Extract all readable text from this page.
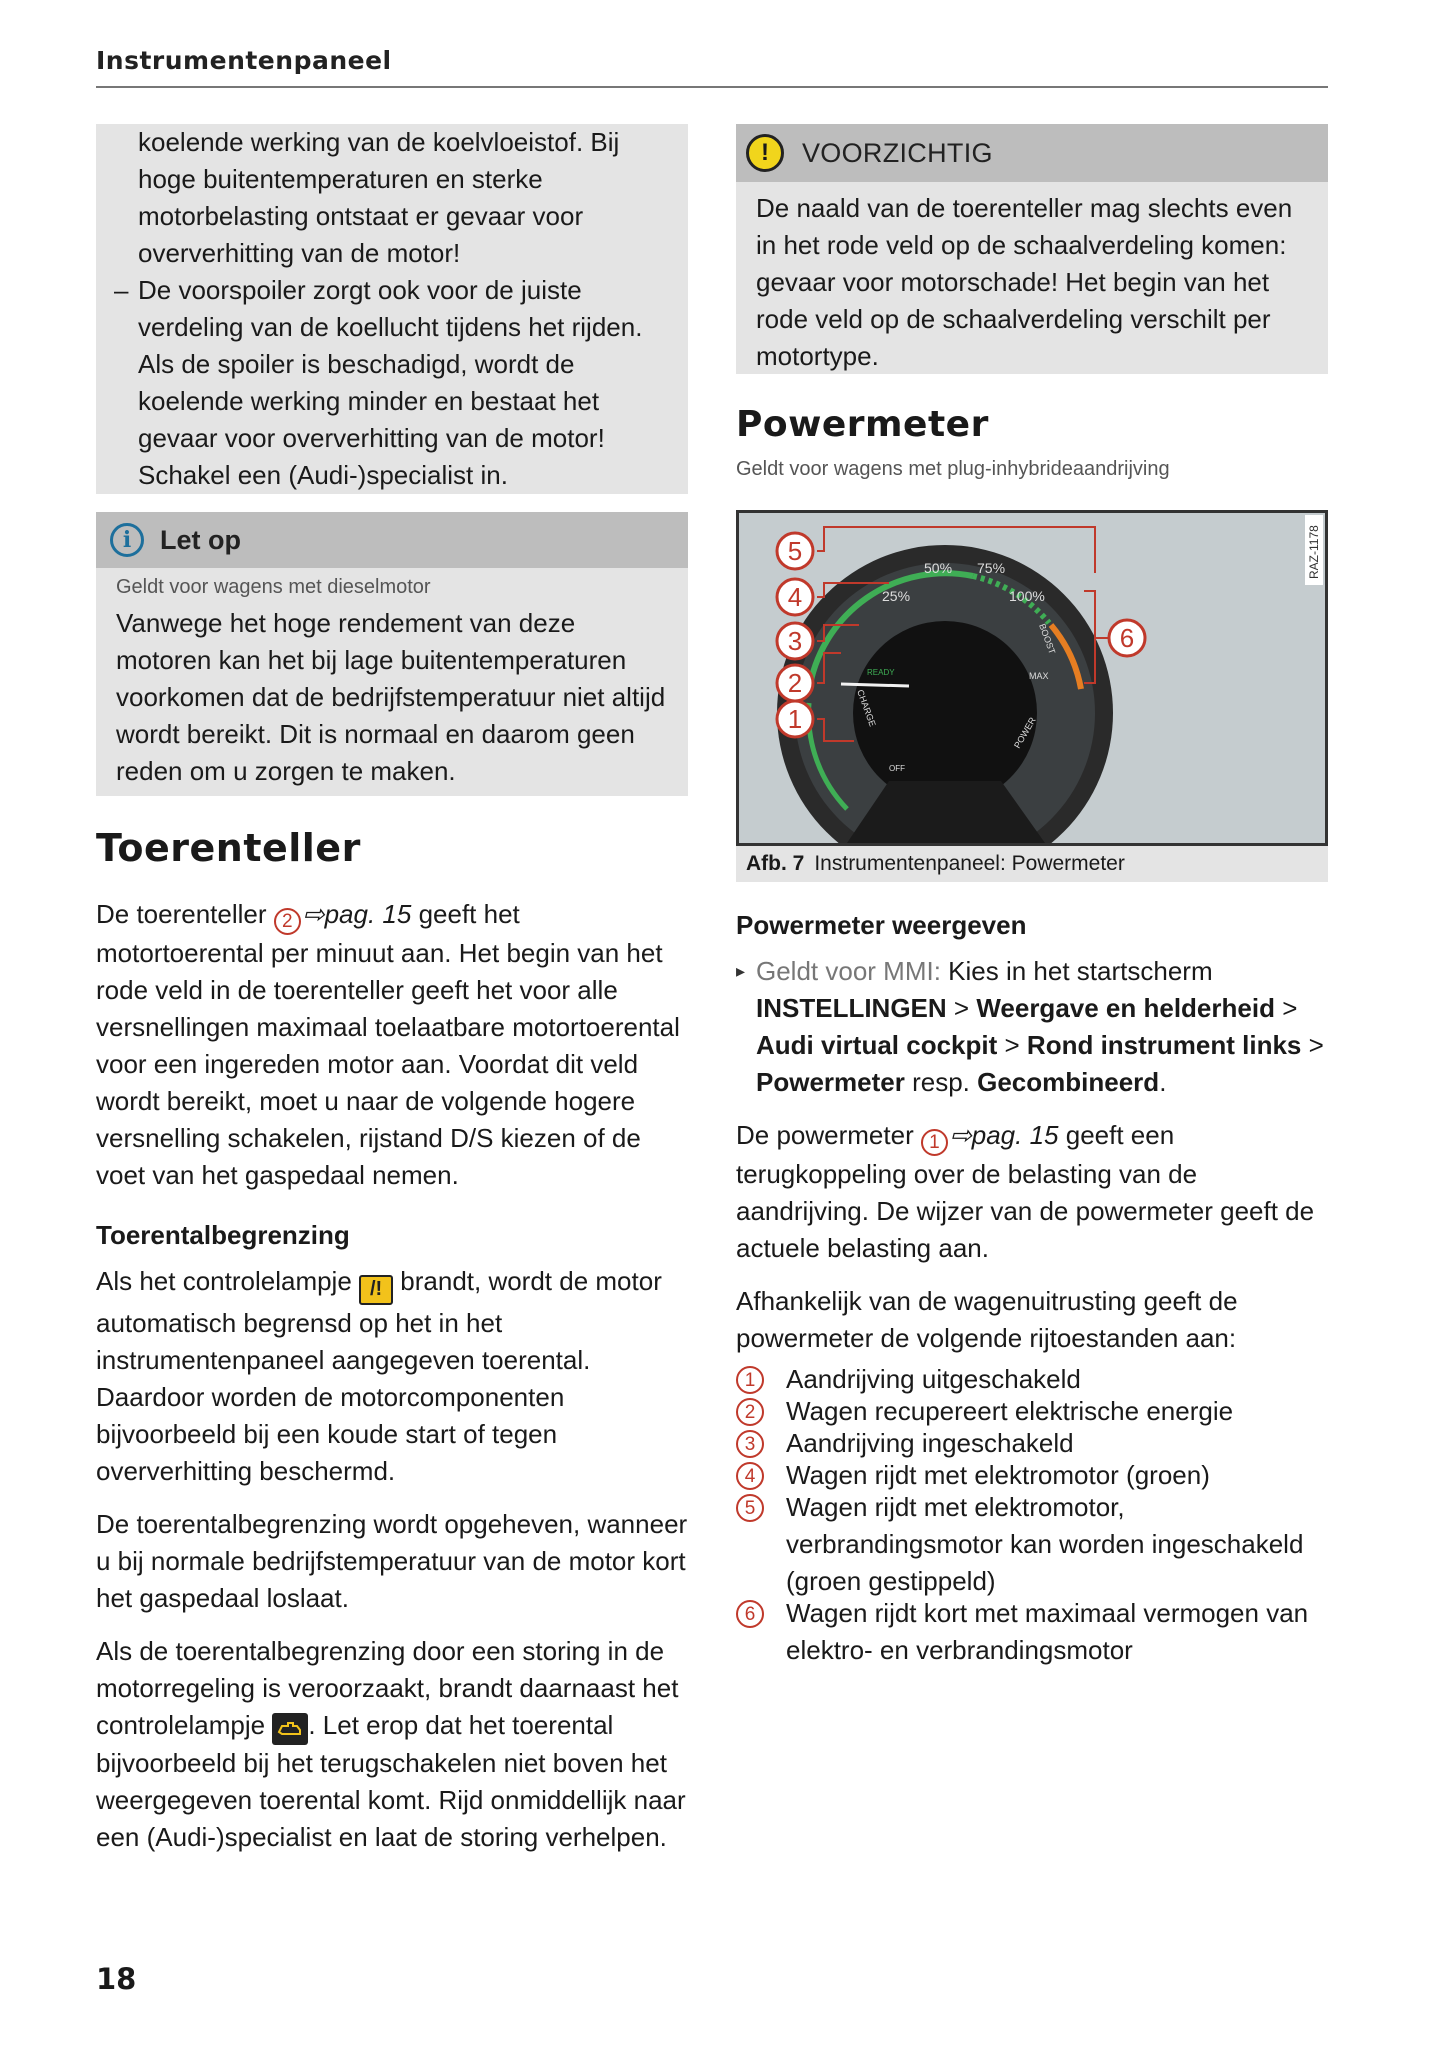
Instrumentenpaneel

koelende werking van de koelvloeistof. Bij hoge buitentemperaturen en sterke motorbelasting ontstaat er gevaar voor oververhitting van de motor!

– De voorspoiler zorgt ook voor de juiste verdeling van de koellucht tijdens het rijden. Als de spoiler is beschadigd, wordt de koelende werking minder en bestaat het gevaar voor oververhitting van de motor! Schakel een (Audi-)specialist in.

i	Let op
Geldt voor wagens met dieselmotor
Vanwege het hoge rendement van deze motoren kan het bij lage buitentemperaturen voorkomen dat de bedrijfstemperatuur niet altijd wordt bereikt. Dit is normaal en daarom geen reden om u zorgen te maken.
Toerenteller

De toerenteller 2 ⇨pag. 15 geeft het motortoerental per minuut aan. Het begin van het rode veld in de toerenteller geeft het voor alle versnellingen maximaal toelaatbare motortoerental voor een ingereden motor aan. Voordat dit veld wordt bereikt, moet u naar de volgende hogere versnelling schakelen, rijstand D/S kiezen of de voet van het gaspedaal nemen.

Toerentalbegrenzing

Als het controlelampje /! brandt, wordt de motor automatisch begrensd op het in het instrumentenpaneel aangegeven toerental. Daardoor worden de motorcomponenten bijvoorbeeld bij een koude start of tegen oververhitting beschermd.

De toerentalbegrenzing wordt opgeheven, wanneer u bij normale bedrijfstemperatuur van de motor kort het gaspedaal loslaat.

Als de toerentalbegrenzing door een storing in de motorregeling is veroorzaakt, brandt daarnaast het controlelampje . Let erop dat het toerental bijvoorbeeld bij het terugschakelen niet boven het weergegeven toerental komt. Rijd onmiddellijk naar een (Audi-)specialist en laat de storing verhelpen.

!	VOORZICHTIG
De naald van de toerenteller mag slechts even in het rode veld op de schaalverdeling komen: gevaar voor motorschade! Het begin van het rode veld op de schaalverdeling verschilt per motortype.
Powermeter
Geldt voor wagens met plug-inhybrideaandrijving
25%
50% 75%
100%
BOOST
MAX
POWER
CHARGE
READY
OFF
5
4
3
2
1
6
RAZ-1178
Afb. 7 Instrumentenpaneel: Powermeter
Powermeter weergeven

▸ Geldt voor MMI: Kies in het startscherm INSTELLINGEN > Weergave en helderheid > Audi virtual cockpit > Rond instrument links > Powermeter resp. Gecombineerd.

De powermeter 1 ⇨pag. 15 geeft een terugkoppeling over de belasting van de aandrijving. De wijzer van de powermeter geeft de actuele belasting aan.

Afhankelijk van de wagenuitrusting geeft de powermeter de volgende rijtoestanden aan:

1	Aandrijving uitgeschakeld

2	Wagen recupereert elektrische energie

3	Aandrijving ingeschakeld

4	Wagen rijdt met elektromotor (groen)

5	Wagen rijdt met elektromotor, verbrandingsmotor kan worden ingeschakeld (groen gestippeld)

6	Wagen rijdt kort met maximaal vermogen van elektro- en verbrandingsmotor

18
